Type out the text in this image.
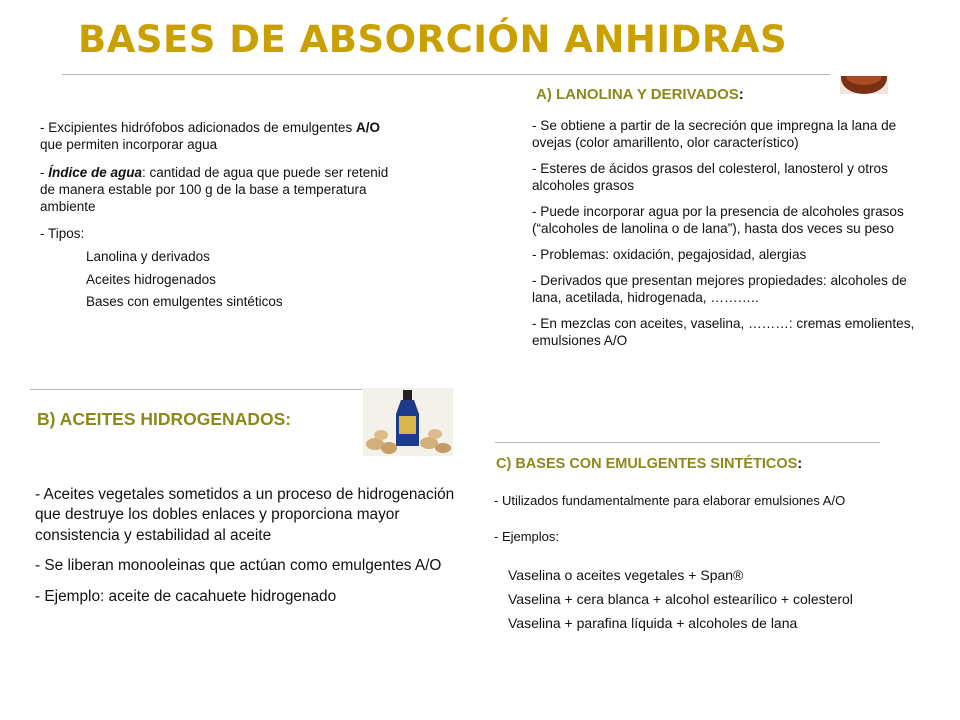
BASES DE ABSORCIÓN ANHIDRAS

- Excipientes hidrófobos adicionados de emulgentes A/O

que permiten incorporar agua

- Índice de agua: cantidad de agua que puede ser retenid

de manera estable por 100 g de la base a temperatura

ambiente

- Tipos:

Lanolina y derivados

Aceites hidrogenados

Bases con emulgentes sintéticos

A) LANOLINA Y DERIVADOS:

- Se obtiene a partir de la secreción que impregna la lana de

ovejas (color amarillento, olor característico)

- Esteres de ácidos grasos del colesterol, lanosterol y otros

alcoholes grasos

- Puede incorporar agua por la presencia de alcoholes grasos

(“alcoholes de lanolina o de lana”), hasta dos veces su peso

- Problemas: oxidación, pegajosidad, alergias

- Derivados que presentan mejores propiedades: alcoholes de

lana, acetilada, hidrogenada, ………..

- En mezclas con aceites, vaselina, ………: cremas emolientes,

emulsiones A/O

B) ACEITES HIDROGENADOS:

- Aceites vegetales sometidos a un proceso de hidrogenación

que destruye los dobles enlaces y proporciona mayor

consistencia y estabilidad al aceite

- Se liberan monooleinas que actúan como emulgentes A/O

- Ejemplo: aceite de cacahuete hidrogenado

C) BASES CON EMULGENTES SINTÉTICOS:
- Utilizados fundamentalmente para elaborar emulsiones A/O
- Ejemplos:

Vaselina o aceites vegetales + Span®

Vaselina + cera blanca + alcohol estearílico + colesterol

Vaselina + parafina líquida + alcoholes de lana
